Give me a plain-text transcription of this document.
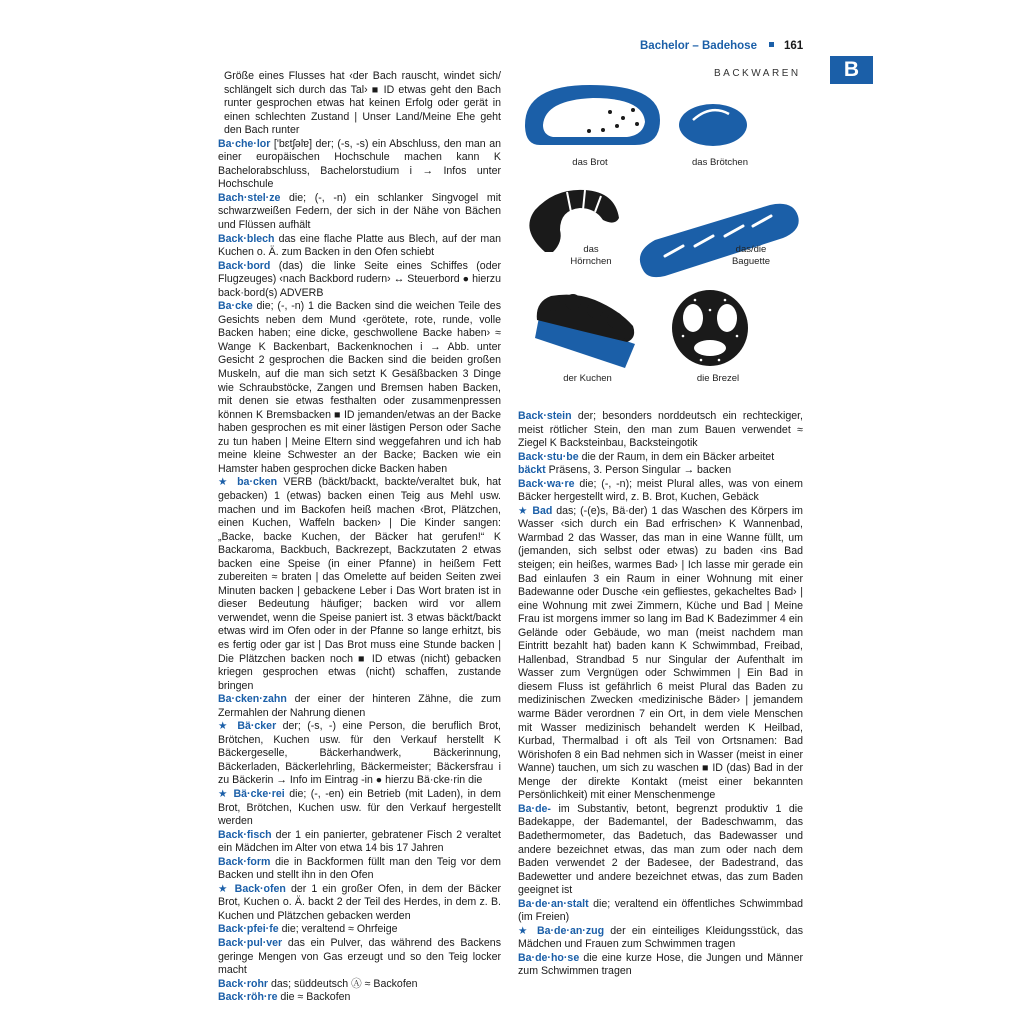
Bachelor – Badehose 161
BACKWAREN	B
das Brot	das Brötchen
das Hörnchen
das/die Baguette
der Kuchen	die Brezel

Größe eines Flusses hat ‹der Bach rauscht, windet sich/ schlängelt sich durch das Tal› ■ ID etwas geht den Bach runter gesprochen etwas hat keinen Erfolg oder gerät in einen schlechten Zustand | Unser Land/Meine Ehe geht den Bach runter

Ba·che·lor ['bɛtʃəlɐ] der; (-s, -s) ein Abschluss, den man an einer europäischen Hochschule machen kann K Bachelorabschluss, Bachelorstudium i → Infos unter Hochschule

Bach·stel·ze die; (-, -n) ein schlanker Singvogel mit schwarzweißen Federn, der sich in der Nähe von Bächen und Flüssen aufhält

Back·blech das eine flache Platte aus Blech, auf der man Kuchen o. Ä. zum Backen in den Ofen schiebt

Back·bord (das) die linke Seite eines Schiffes (oder Flugzeuges) ‹nach Backbord rudern› ↔ Steuerbord ● hierzu back·bord(s) ADVERB

Ba·cke die; (-, -n) 1 die Backen sind die weichen Teile des Gesichts neben dem Mund ‹gerötete, rote, runde, volle Backen haben; eine dicke, geschwollene Backe haben› ≈ Wange K Backenbart, Backenknochen i → Abb. unter Gesicht 2 gesprochen die Backen sind die beiden großen Muskeln, auf die man sich setzt K Gesäßbacken 3 Dinge wie Schraubstöcke, Zangen und Bremsen haben Backen, mit denen sie etwas festhalten oder zusammenpressen können K Bremsbacken ■ ID jemanden/etwas an der Backe haben gesprochen es mit einer lästigen Person oder Sache zu tun haben | Meine Eltern sind weggefahren und ich hab meine kleine Schwester an der Backe; Backen wie ein Hamster haben gesprochen dicke Backen haben

★ ba·cken VERB (bäckt/backt, backte/veraltet buk, hat gebacken) 1 (etwas) backen einen Teig aus Mehl usw. machen und im Backofen heiß machen ‹Brot, Plätzchen, einen Kuchen, Waffeln backen› | Die Kinder sangen: „Backe, backe Kuchen, der Bäcker hat gerufen!“ K Backaroma, Backbuch, Backrezept, Backzutaten 2 etwas backen eine Speise (in einer Pfanne) in heißem Fett zubereiten ≈ braten | das Omelette auf beiden Seiten zwei Minuten backen | gebackene Leber i Das Wort braten ist in dieser Bedeutung häufiger; backen wird vor allem verwendet, wenn die Speise paniert ist. 3 etwas bäckt/backt etwas wird im Ofen oder in der Pfanne so lange erhitzt, bis es fertig oder gar ist | Das Brot muss eine Stunde backen | Die Plätzchen backen noch ■ ID etwas (nicht) gebacken kriegen gesprochen etwas (nicht) schaffen, zustande bringen

Ba·cken·zahn der einer der hinteren Zähne, die zum Zermahlen der Nahrung dienen

★ Bä·cker der; (-s, -) eine Person, die beruflich Brot, Brötchen, Kuchen usw. für den Verkauf herstellt K Bäckergeselle, Bäckerhandwerk, Bäckerinnung, Bäckerladen, Bäckerlehrling, Bäckermeister; Bäckersfrau i zu Bäckerin → Info im Eintrag -in ● hierzu Bä·cke·rin die

★ Bä·cke·rei die; (-, -en) ein Betrieb (mit Laden), in dem Brot, Brötchen, Kuchen usw. für den Verkauf hergestellt werden

Back·fisch der 1 ein panierter, gebratener Fisch 2 veraltet ein Mädchen im Alter von etwa 14 bis 17 Jahren

Back·form die in Backformen füllt man den Teig vor dem Backen und stellt ihn in den Ofen

★ Back·ofen der 1 ein großer Ofen, in dem der Bäcker Brot, Kuchen o. Ä. backt 2 der Teil des Herdes, in dem z. B. Kuchen und Plätzchen gebacken werden

Back·pfei·fe die; veraltend ≈ Ohrfeige

Back·pul·ver das ein Pulver, das während des Backens geringe Mengen von Gas erzeugt und so den Teig locker macht

Back·rohr das; süddeutsch Ⓐ ≈ Backofen

Back·röh·re die ≈ Backofen

Back·stein der; besonders norddeutsch ein rechteckiger, meist rötlicher Stein, den man zum Bauen verwendet ≈ Ziegel K Backsteinbau, Backsteingotik

Back·stu·be die der Raum, in dem ein Bäcker arbeitet

bäckt Präsens, 3. Person Singular → backen

Back·wa·re die; (-, -n); meist Plural alles, was von einem Bäcker hergestellt wird, z. B. Brot, Kuchen, Gebäck

★ Bad das; (-(e)s, Bä·der) 1 das Waschen des Körpers im Wasser ‹sich durch ein Bad erfrischen› K Wannenbad, Warmbad 2 das Wasser, das man in eine Wanne füllt, um (jemanden, sich selbst oder etwas) zu baden ‹ins Bad steigen; ein heißes, warmes Bad› | Ich lasse mir gerade ein Bad einlaufen 3 ein Raum in einer Wohnung mit einer Badewanne oder Dusche ‹ein gefliestes, gekacheltes Bad› | eine Wohnung mit zwei Zimmern, Küche und Bad | Meine Frau ist morgens immer so lang im Bad K Badezimmer 4 ein Gelände oder Gebäude, wo man (meist nachdem man Eintritt bezahlt hat) baden kann K Schwimmbad, Freibad, Hallenbad, Strandbad 5 nur Singular der Aufenthalt im Wasser zum Vergnügen oder Schwimmen | Ein Bad in diesem Fluss ist gefährlich 6 meist Plural das Baden zu medizinischen Zwecken ‹medizinische Bäder› | jemandem warme Bäder verordnen 7 ein Ort, in dem viele Menschen mit Wasser medizinisch behandelt werden K Heilbad, Kurbad, Thermalbad i oft als Teil von Ortsnamen: Bad Wörishofen 8 ein Bad nehmen sich in Wasser (meist in einer Wanne) tauchen, um sich zu waschen ■ ID (das) Bad in der Menge der direkte Kontakt (meist einer bekannten Persönlichkeit) mit einer Menschenmenge

Ba·de- im Substantiv, betont, begrenzt produktiv 1 die Badekappe, der Bademantel, der Badeschwamm, das Badethermometer, das Badetuch, das Badewasser und andere bezeichnet etwas, das man zum oder nach dem Baden verwendet 2 der Badesee, der Badestrand, das Badewetter und andere bezeichnet etwas, das zum Baden geeignet ist

Ba·de·an·stalt die; veraltend ein öffentliches Schwimmbad (im Freien)

★ Ba·de·an·zug der ein einteiliges Kleidungsstück, das Mädchen und Frauen zum Schwimmen tragen

Ba·de·ho·se die eine kurze Hose, die Jungen und Männer zum Schwimmen tragen
